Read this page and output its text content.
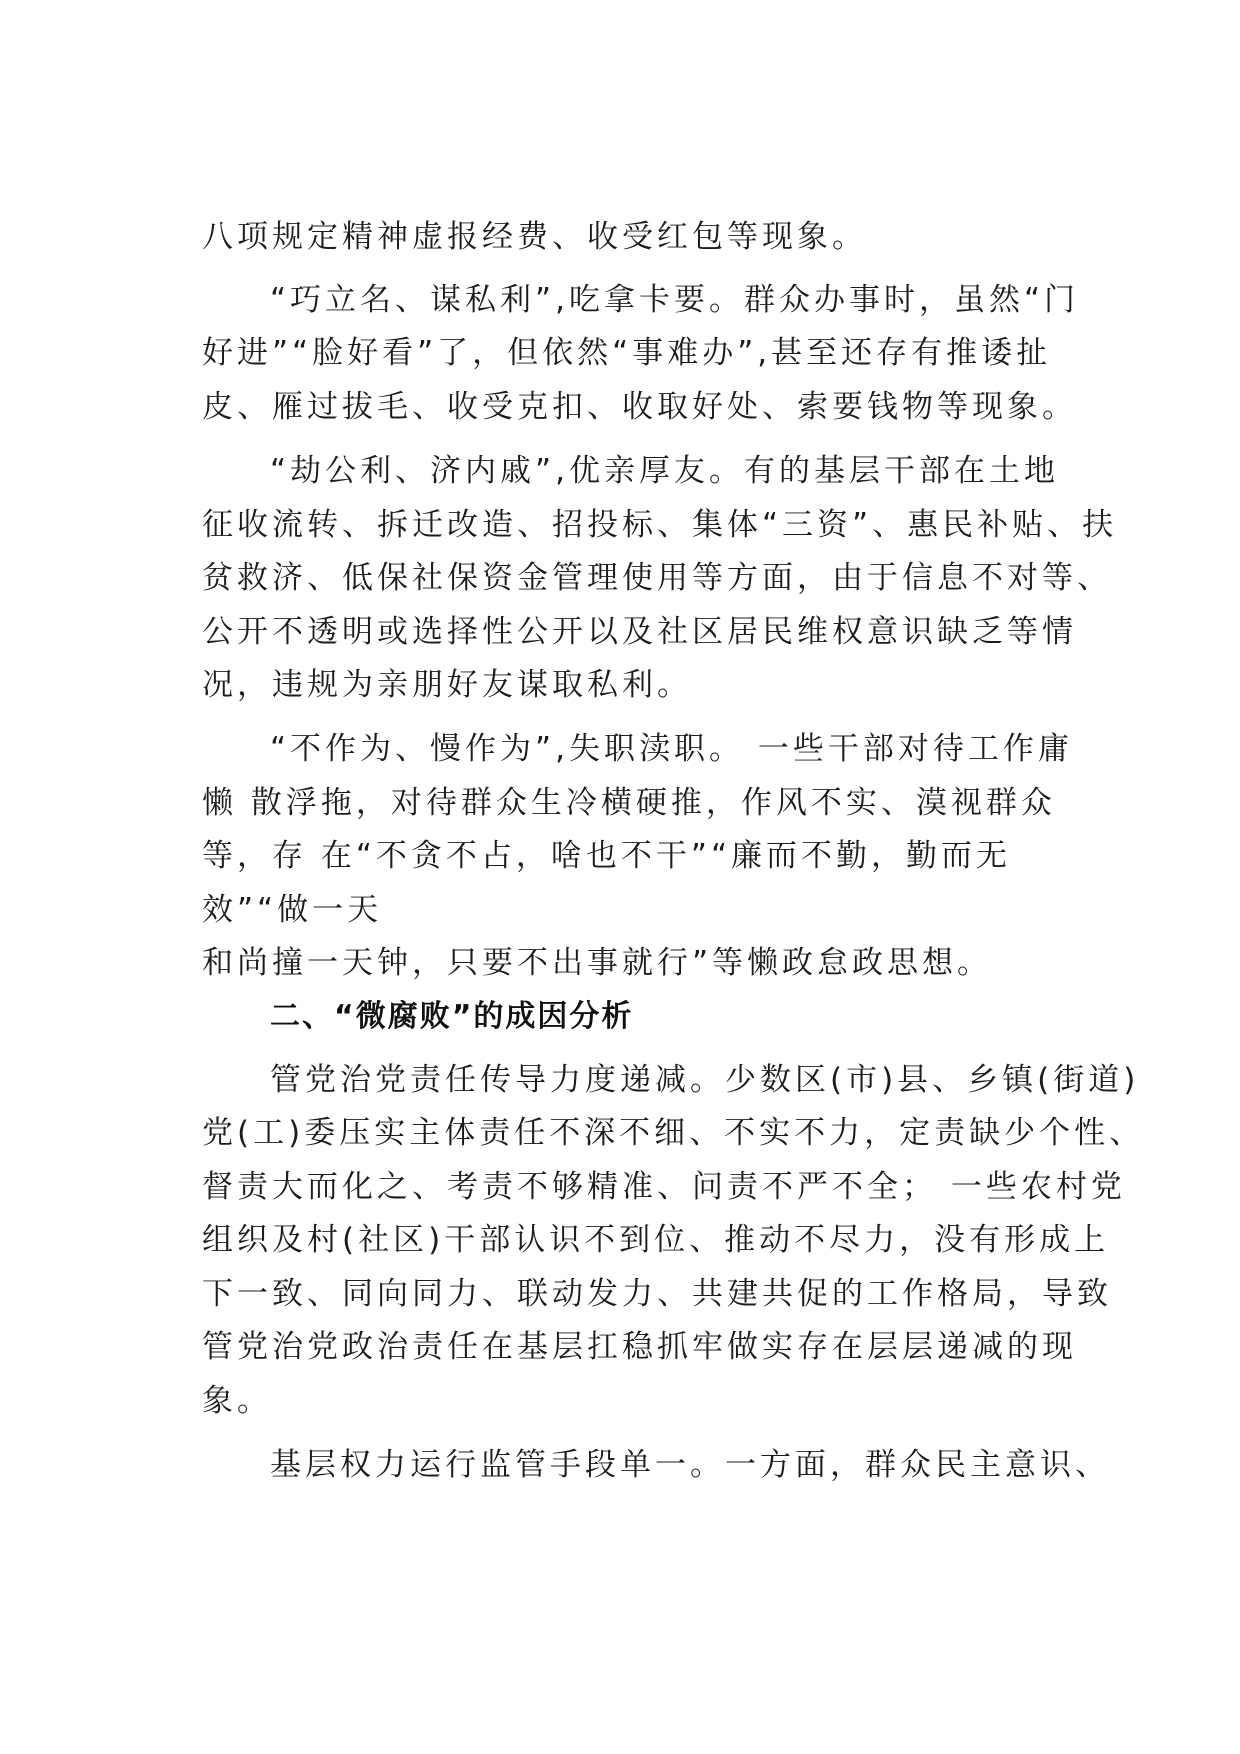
八项规定精神虚报经费、收受红包等现象。
“巧立名、谋私利”,吃拿卡要。群众办事时，虽然“门
好进”“脸好看”了，但依然“事难办”,甚至还存有推诿扯
皮、雁过拔毛、收受克扣、收取好处、索要钱物等现象。
“劫公利、济内戚”,优亲厚友。有的基层干部在土地
征收流转、拆迁改造、招投标、集体“三资”、惠民补贴、扶
贫救济、低保社保资金管理使用等方面，由于信息不对等、
公开不透明或选择性公开以及社区居民维权意识缺乏等情
况，违规为亲朋好友谋取私利。
“不作为、慢作为”,失职渎职。 一些干部对待工作庸
懒 散浮拖，对待群众生冷横硬推，作风不实、漠视群众
等，存 在“不贪不占，啥也不干”“廉而不勤，勤而无
效”“做一天
和尚撞一天钟，只要不出事就行”等懒政怠政思想。
二、“微腐败”的成因分析
管党治党责任传导力度递减。少数区(市)县、乡镇(街道)
党(工)委压实主体责任不深不细、不实不力，定责缺少个性、
督责大而化之、考责不够精准、问责不严不全； 一些农村党
组织及村(社区)干部认识不到位、推动不尽力，没有形成上
下一致、同向同力、联动发力、共建共促的工作格局，导致
管党治党政治责任在基层扛稳抓牢做实存在层层递减的现
象。
基层权力运行监管手段单一。一方面，群众民主意识、
